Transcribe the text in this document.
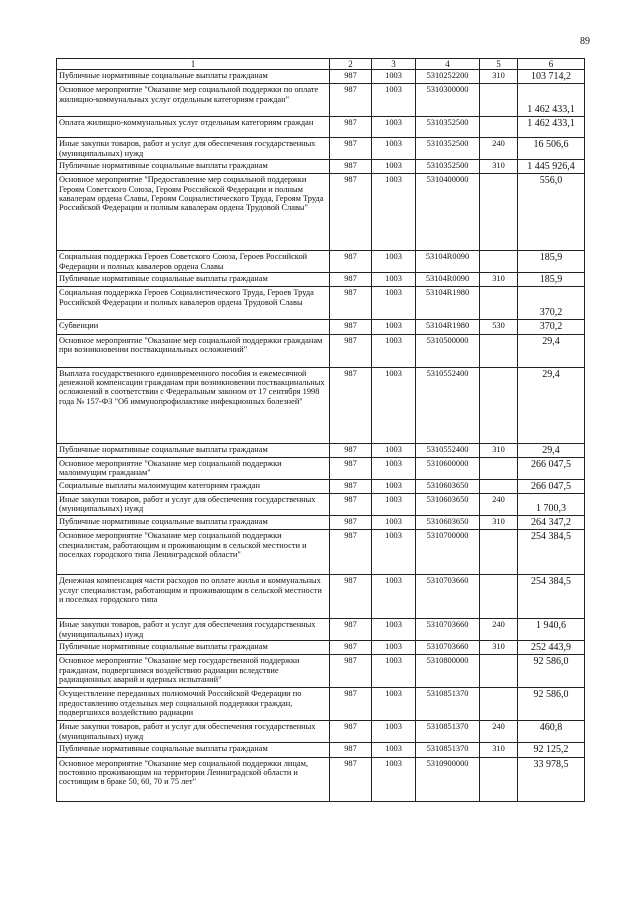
89
1	2	3	4	5	6
Публичные нормативные социальные выплаты гражданам	987	1003	5310252200	310	103 714,2
Основное мероприятие "Оказание мер социальной поддержки по оплате жилищно-коммунальных услуг отдельным категориям граждан"	987	1003	5310300000		1 462 433,1
Оплата жилищно-коммунальных услуг отдельным категориям граждан	987	1003	5310352500		1 462 433,1
Иные закупки товаров, работ и услуг для обеспечения государственных (муниципальных) нужд	987	1003	5310352500	240	16 506,6
Публичные нормативные социальные выплаты гражданам	987	1003	5310352500	310	1 445 926,4
Основное мероприятие "Предоставление мер социальной поддержки Героям Советского Союза, Героям Российской Федерации и полным кавалерам ордена Славы, Героям Социалистического Труда, Героям Труда Российской Федерации и полным кавалерам ордена Трудовой Славы"	987	1003	5310400000		556,0
Социальная поддержка Героев Советского Союза, Героев Российской Федерации и полных кавалеров ордена Славы	987	1003	53104R0090		185,9
Публичные нормативные социальные выплаты гражданам	987	1003	53104R0090	310	185,9
Социальная поддержка Героев Социалистического Труда, Героев Труда Российской Федерации и полных кавалеров ордена Трудовой Славы	987	1003	53104R1980		370,2
Субвенции	987	1003	53104R1980	530	370,2
Основное мероприятие "Оказание мер социальной поддержки гражданам при возникновении поствакцинальных осложнений"	987	1003	5310500000		29,4
Выплата государственного единовременного пособия и ежемесячной денежной компенсации гражданам при возникновении поствакцинальных осложнений в соответствии с Федеральным законом от 17 сентября 1998 года № 157-ФЗ "Об иммунопрофилактике инфекционных болезней"	987	1003	5310552400		29,4
Публичные нормативные социальные выплаты гражданам	987	1003	5310552400	310	29,4
Основное мероприятие "Оказание мер социальной поддержки малоимущим гражданам"	987	1003	5310600000		266 047,5
Социальные выплаты малоимущим категориям граждан	987	1003	5310603650		266 047,5
Иные закупки товаров, работ и услуг для обеспечения государственных (муниципальных) нужд	987	1003	5310603650	240	1 700,3
Публичные нормативные социальные выплаты гражданам	987	1003	5310603650	310	264 347,2
Основное мероприятие "Оказание мер социальной поддержки специалистам, работающим и проживающим в сельской местности и поселках городского типа Ленинградской области"	987	1003	5310700000		254 384,5
Денежная компенсация части расходов по оплате жилья и коммунальных услуг специалистам, работающим и проживающим в сельской местности и поселках городского типа	987	1003	5310703660		254 384,5
Иные закупки товаров, работ и услуг для обеспечения государственных (муниципальных) нужд	987	1003	5310703660	240	1 940,6
Публичные нормативные социальные выплаты гражданам	987	1003	5310703660	310	252 443,9
Основное мероприятие "Оказание мер государственной поддержки гражданам, подвергшимся воздействию радиации вследствие радиационных аварий и ядерных испытаний"	987	1003	5310800000		92 586,0
Осуществление переданных полномочий Российской Федерации по предоставлению отдельных мер социальной поддержки граждан, подвергшихся воздействию радиации	987	1003	5310851370		92 586,0
Иные закупки товаров, работ и услуг для обеспечения государственных (муниципальных) нужд	987	1003	5310851370	240	460,8
Публичные нормативные социальные выплаты гражданам	987	1003	5310851370	310	92 125,2
Основное мероприятие "Оказание мер социальной поддержки лицам, постоянно проживающим на территории Ленинградской области и состоящим в браке 50, 60, 70 и 75 лет"	987	1003	5310900000		33 978,5
